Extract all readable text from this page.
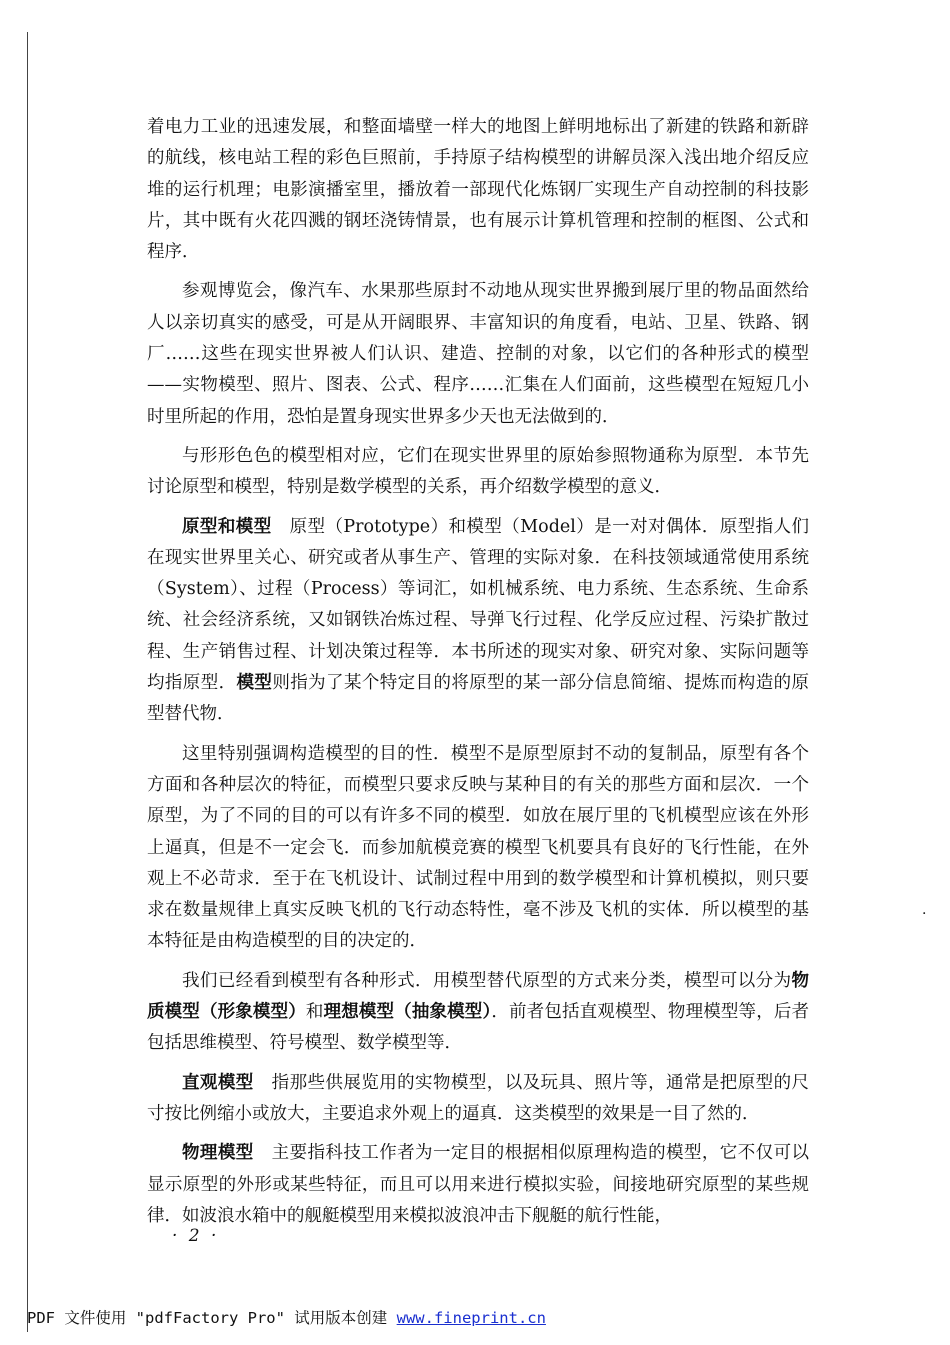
着电力工业的迅速发展，和整面墙壁一样大的地图上鲜明地标出了新建的铁路和新辟的航线，核电站工程的彩色巨照前，手持原子结构模型的讲解员深入浅出地介绍反应堆的运行机理；电影演播室里，播放着一部现代化炼钢厂实现生产自动控制的科技影片，其中既有火花四溅的钢坯浇铸情景，也有展示计算机管理和控制的框图、公式和程序．

参观博览会，像汽车、水果那些原封不动地从现实世界搬到展厅里的物品面然给人以亲切真实的感受，可是从开阔眼界、丰富知识的角度看，电站、卫星、铁路、钢厂……这些在现实世界被人们认识、建造、控制的对象，以它们的各种形式的模型——实物模型、照片、图表、公式、程序……汇集在人们面前，这些模型在短短几小时里所起的作用，恐怕是置身现实世界多少天也无法做到的．

与形形色色的模型相对应，它们在现实世界里的原始参照物通称为原型．本节先讨论原型和模型，特别是数学模型的关系，再介绍数学模型的意义．

原型和模型　原型（Prototype）和模型（Model）是一对对偶体．原型指人们在现实世界里关心、研究或者从事生产、管理的实际对象．在科技领域通常使用系统（System）、过程（Process）等词汇，如机械系统、电力系统、生态系统、生命系统、社会经济系统，又如钢铁冶炼过程、导弹飞行过程、化学反应过程、污染扩散过程、生产销售过程、计划决策过程等．本书所述的现实对象、研究对象、实际问题等均指原型．模型则指为了某个特定目的将原型的某一部分信息简缩、提炼而构造的原型替代物．

这里特别强调构造模型的目的性．模型不是原型原封不动的复制品，原型有各个方面和各种层次的特征，而模型只要求反映与某种目的有关的那些方面和层次．一个原型，为了不同的目的可以有许多不同的模型．如放在展厅里的飞机模型应该在外形上逼真，但是不一定会飞．而参加航模竞赛的模型飞机要具有良好的飞行性能，在外观上不必苛求．至于在飞机设计、试制过程中用到的数学模型和计算机模拟，则只要求在数量规律上真实反映飞机的飞行动态特性，毫不涉及飞机的实体．所以模型的基本特征是由构造模型的目的决定的．

我们已经看到模型有各种形式．用模型替代原型的方式来分类，模型可以分为物质模型（形象模型）和理想模型（抽象模型）．前者包括直观模型、物理模型等，后者包括思维模型、符号模型、数学模型等．

直观模型　指那些供展览用的实物模型，以及玩具、照片等，通常是把原型的尺寸按比例缩小或放大，主要追求外观上的逼真．这类模型的效果是一目了然的．

物理模型　主要指科技工作者为一定目的根据相似原理构造的模型，它不仅可以显示原型的外形或某些特征，而且可以用来进行模拟实验，间接地研究原型的某些规律．如波浪水箱中的舰艇模型用来模拟波浪冲击下舰艇的航行性能，

· 2 ·
·
PDF 文件使用 "pdfFactory Pro" 试用版本创建 www.fineprint.cn
